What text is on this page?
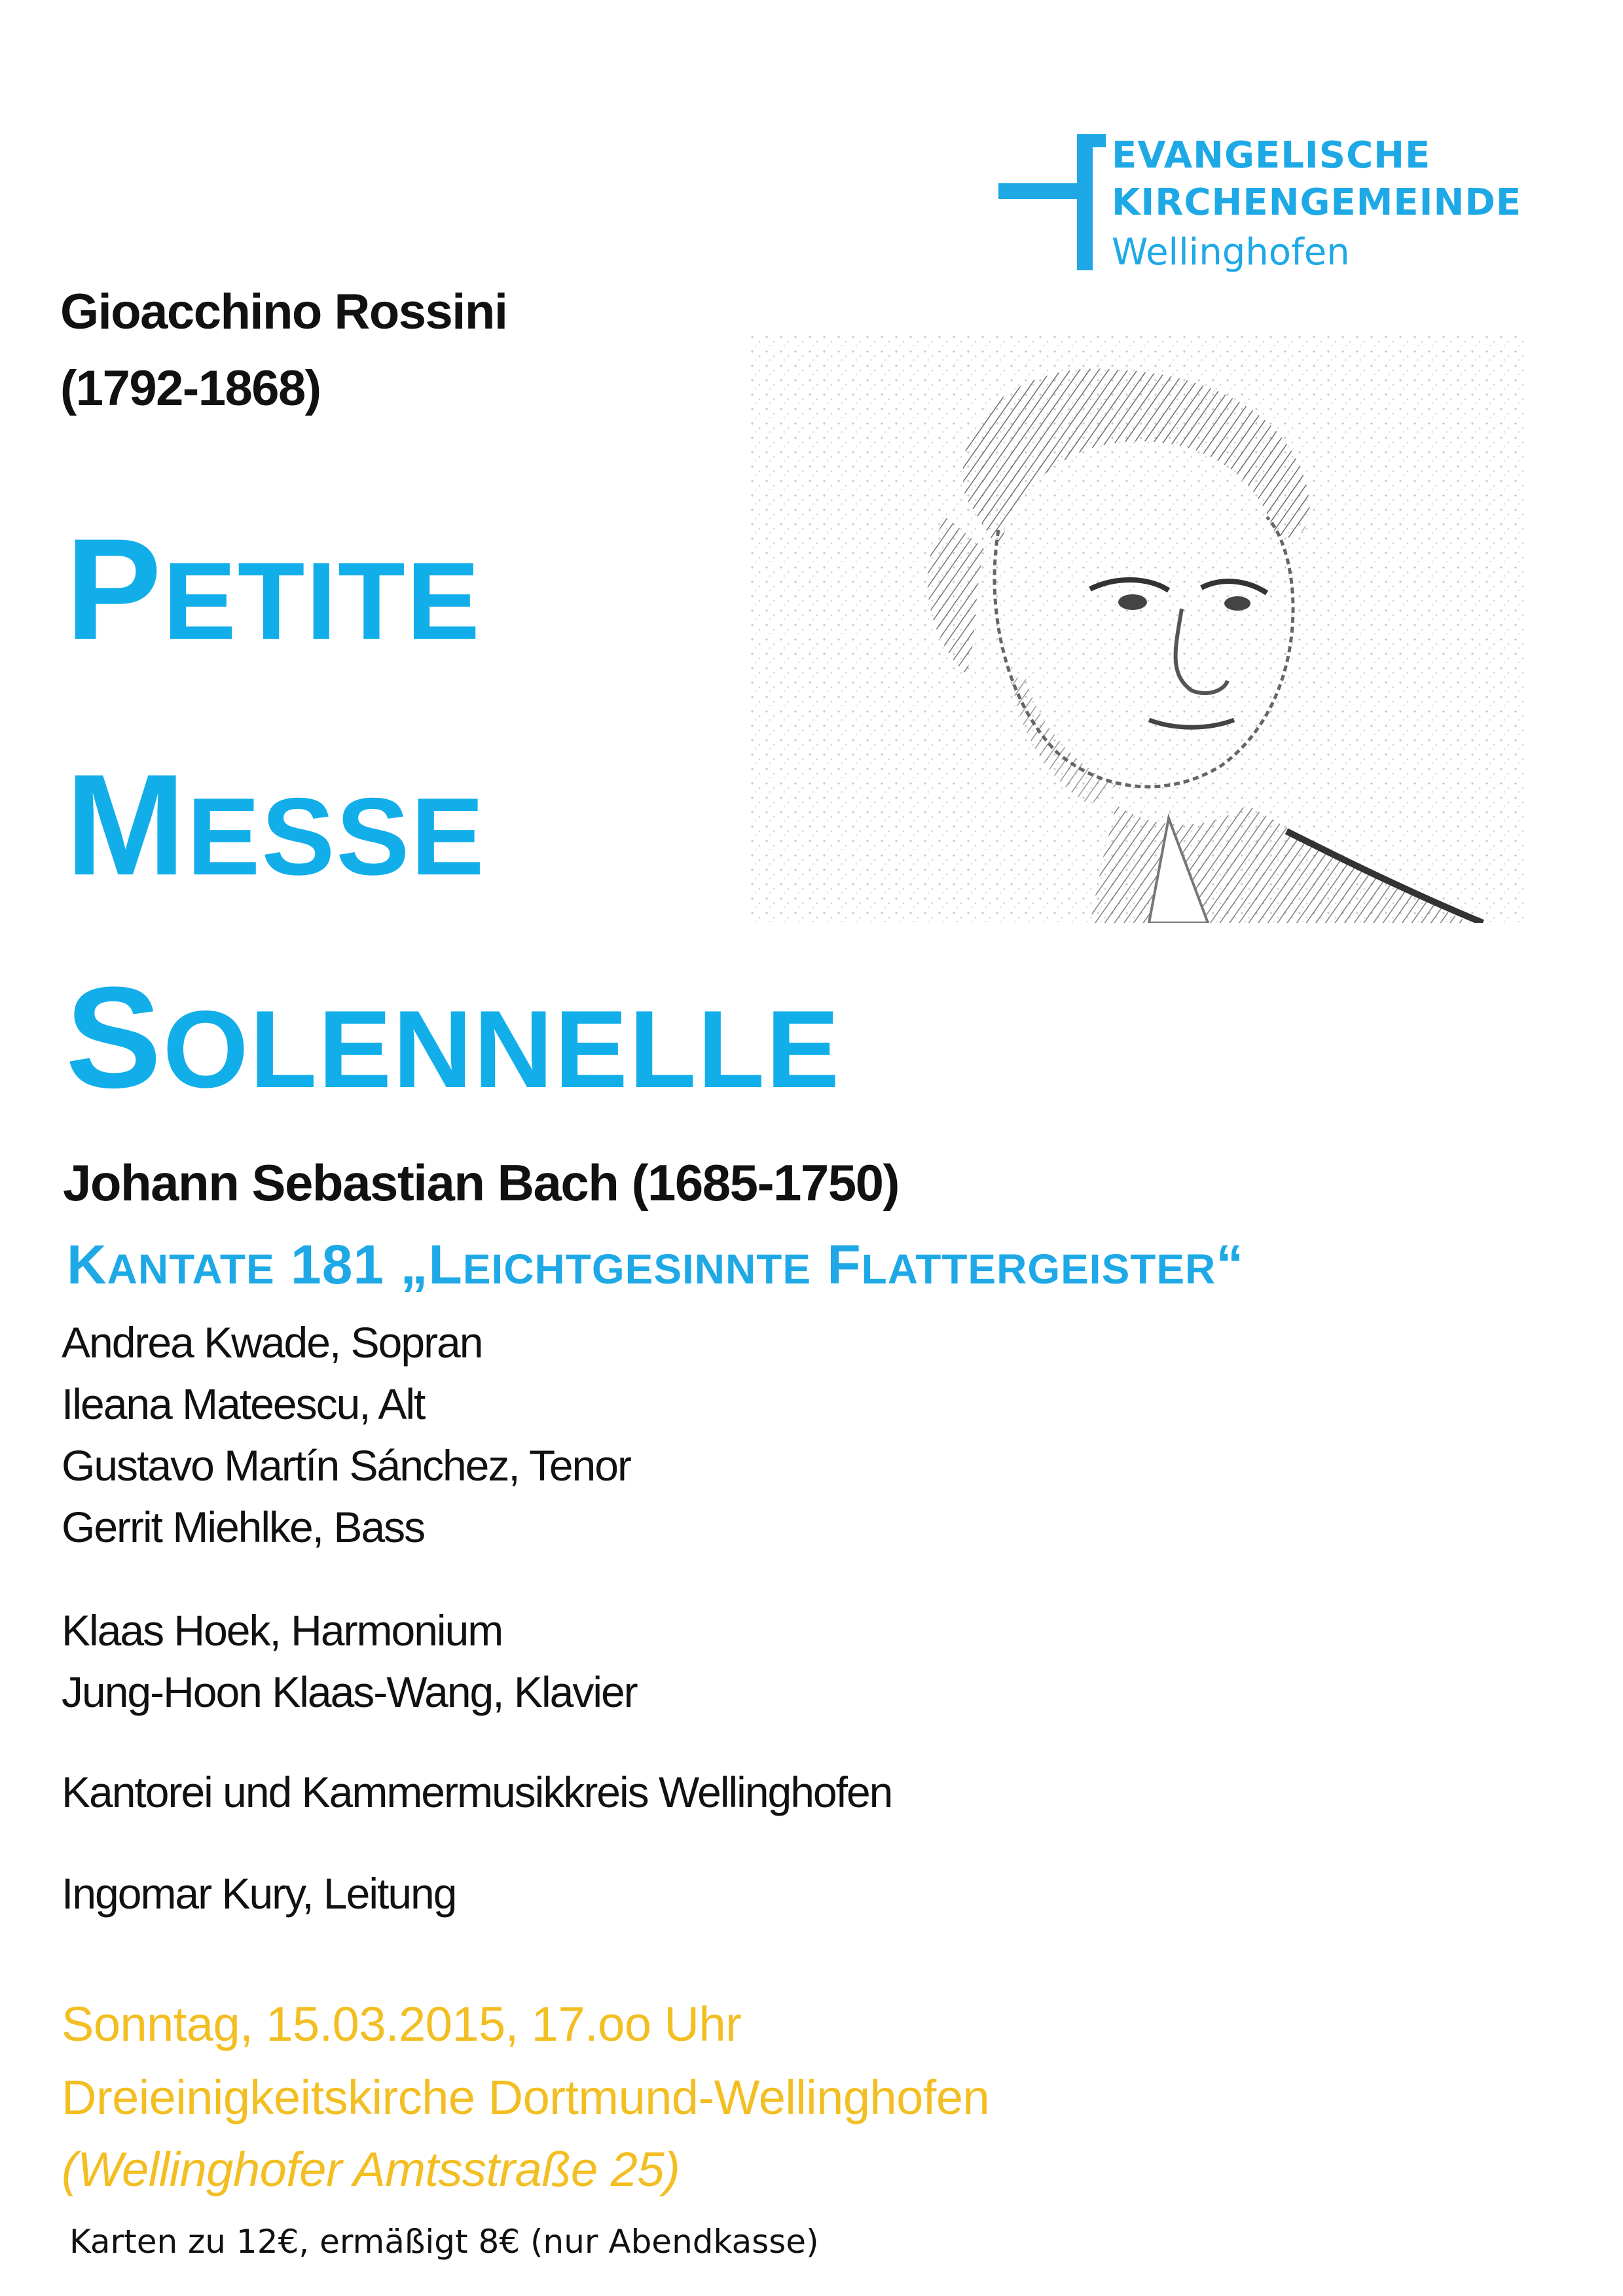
EVANGELISCHE
KIRCHENGEMEINDE
Wellinghofen
Gioacchino Rossini
(1792-1868)
PETITE
MESSE
SOLENNELLE
Johann Sebastian Bach (1685-1750)
KANTATE 181 „LEICHTGESINNTE FLATTERGEISTER“
Andrea Kwade, Sopran
Ileana Mateescu, Alt
Gustavo Martín Sánchez, Tenor
Gerrit Miehlke, Bass
Klaas Hoek, Harmonium
Jung-Hoon Klaas-Wang, Klavier
Kantorei und Kammermusikkreis Wellinghofen
Ingomar Kury, Leitung
Sonntag, 15.03.2015, 17.oo Uhr
Dreieinigkeitskirche Dortmund-Wellinghofen
(Wellinghofer Amtsstraße 25)
Karten zu 12€, ermäßigt 8€ (nur Abendkasse)
